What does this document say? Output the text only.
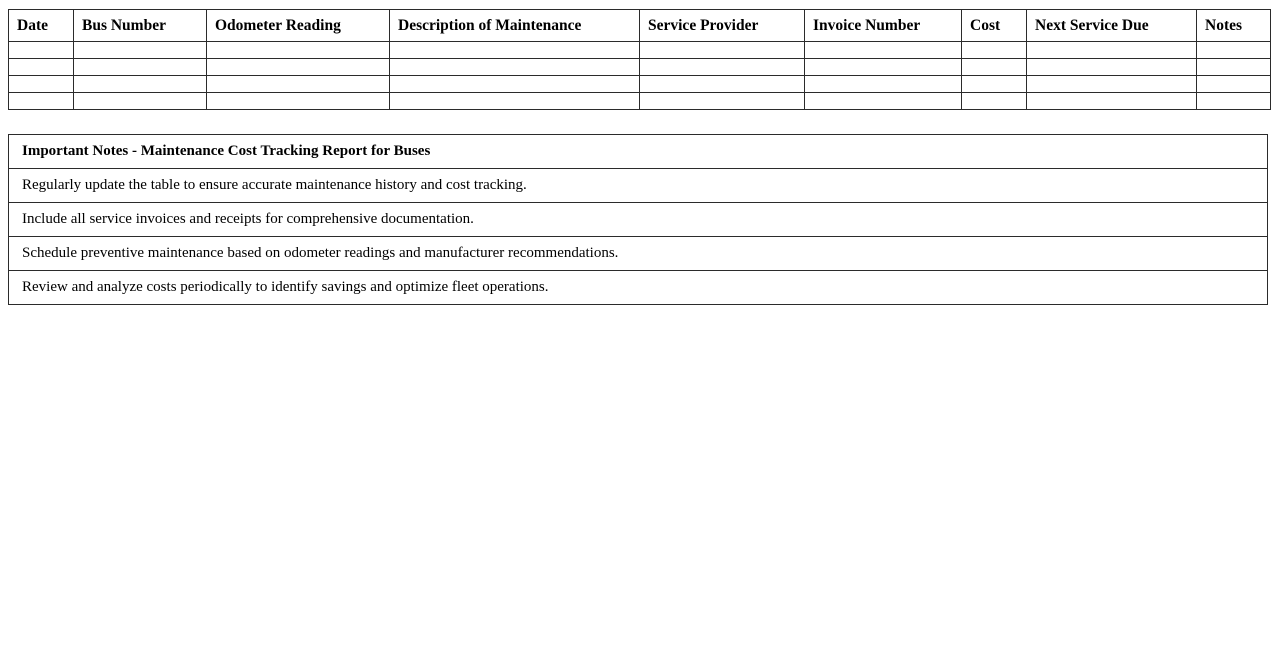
Date	Bus Number	Odometer Reading	Description of Maintenance	Service Provider	Invoice Number	Cost	Next Service Due	Notes

Important Notes - Maintenance Cost Tracking Report for Buses
Regularly update the table to ensure accurate maintenance history and cost tracking.
Include all service invoices and receipts for comprehensive documentation.
Schedule preventive maintenance based on odometer readings and manufacturer recommendations.
Review and analyze costs periodically to identify savings and optimize fleet operations.
